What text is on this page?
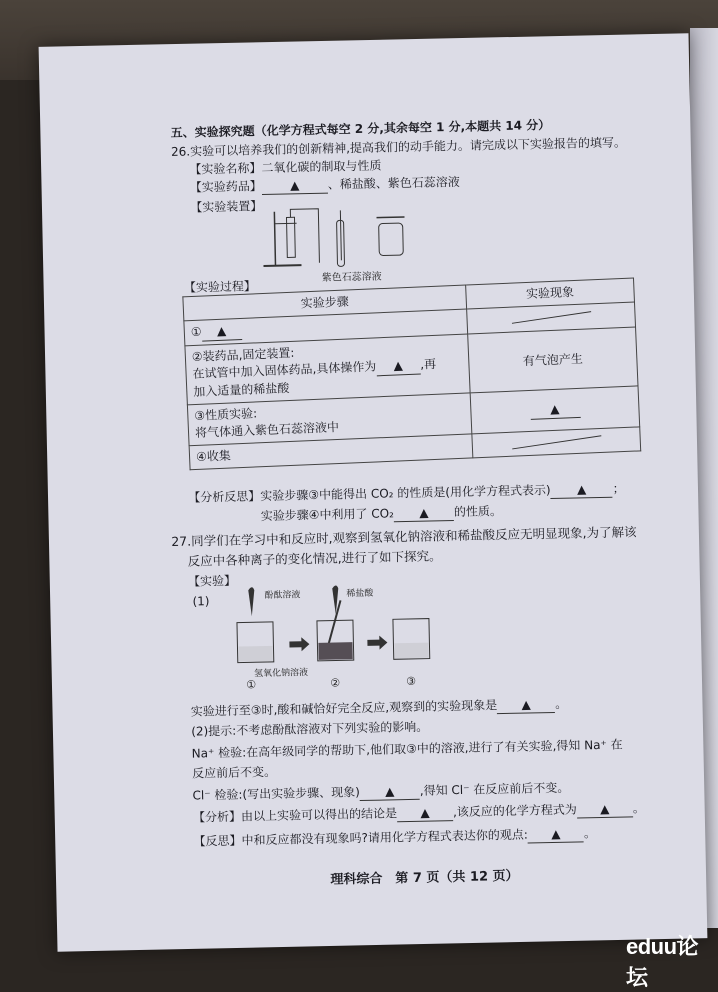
五、实验探究题（化学方程式每空 2 分,其余每空 1 分,本题共 14 分）
26.实验可以培养我们的创新精神,提高我们的动手能力。请完成以下实验报告的填写。
【实验名称】二氧化碳的制取与性质
【实验药品】 ▲ 、稀盐酸、紫色石蕊溶液
【实验装置】
紫色石蕊溶液
【实验过程】
实验步骤	实验现象
① ▲	

②装药品,固定装置:
在试管中加入固体药品,具体操作为 ▲ ,再
加入适量的稀盐酸	有气泡产生

③性质实验:
将气体通入紫色石蕊溶液中	▲
④收集	
【分析反思】实验步骤③中能得出 CO₂ 的性质是(用化学方程式表示) ▲ ；
实验步骤④中利用了 CO₂ ▲ 的性质。
27.同学们在学习中和反应时,观察到氢氧化钠溶液和稀盐酸反应无明显现象,为了解该
反应中各种离子的变化情况,进行了如下探究。
【实验】
(1)	酚酞溶液	稀盐酸
氢氧化钠溶液
①	②	③
实验进行至③时,酸和碱恰好完全反应,观察到的实验现象是 ▲ 。
(2)提示:不考虑酚酞溶液对下列实验的影响。
Na⁺ 检验:在高年级同学的帮助下,他们取③中的溶液,进行了有关实验,得知 Na⁺ 在
反应前后不变。
Cl⁻ 检验:(写出实验步骤、现象) ▲ ,得知 Cl⁻ 在反应前后不变。
【分析】由以上实验可以得出的结论是 ▲ ,该反应的化学方程式为 ▲ 。
【反思】中和反应都没有现象吗?请用化学方程式表达你的观点: ▲ 。
理科综合　第 7 页（共 12 页）
eduu论坛
